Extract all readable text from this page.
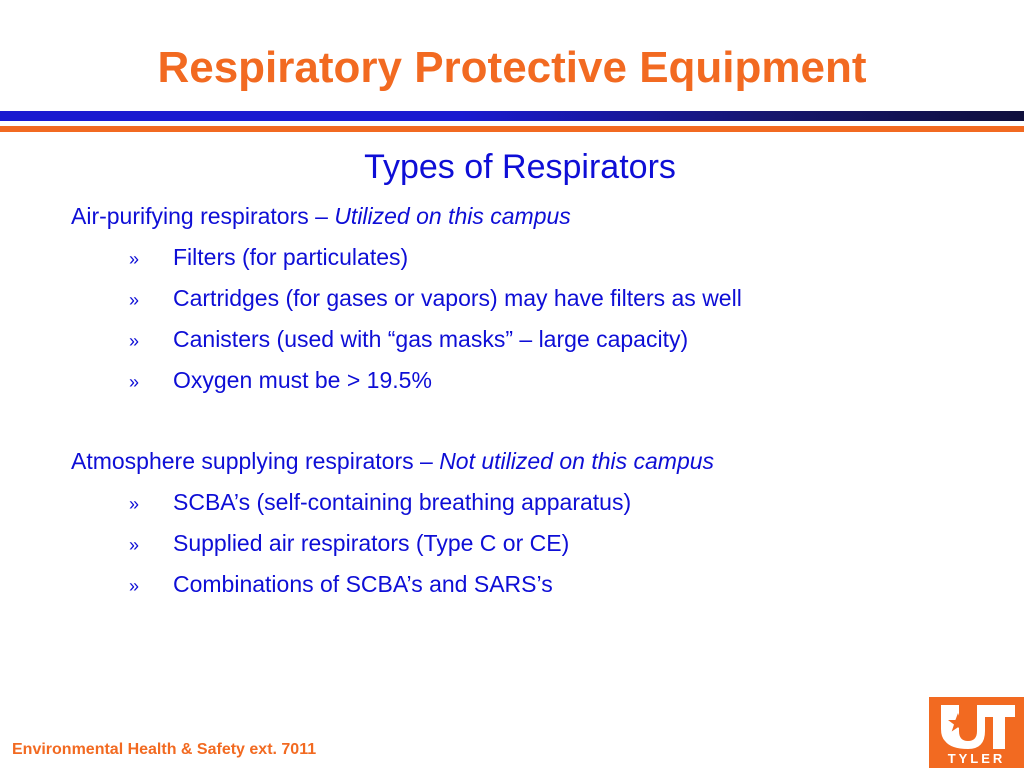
Respiratory Protective Equipment
Types of Respirators
Air-purifying respirators – Utilized on this campus
» Filters (for particulates)
» Cartridges (for gases or vapors) may have filters as well
» Canisters (used with “gas masks” – large capacity)
» Oxygen must be > 19.5%
Atmosphere supplying respirators – Not utilized on this campus
» SCBA’s (self-containing breathing apparatus)
» Supplied air respirators (Type C or CE)
» Combinations of SCBA’s and SARS’s
Environmental Health & Safety ext. 7011
TYLER
